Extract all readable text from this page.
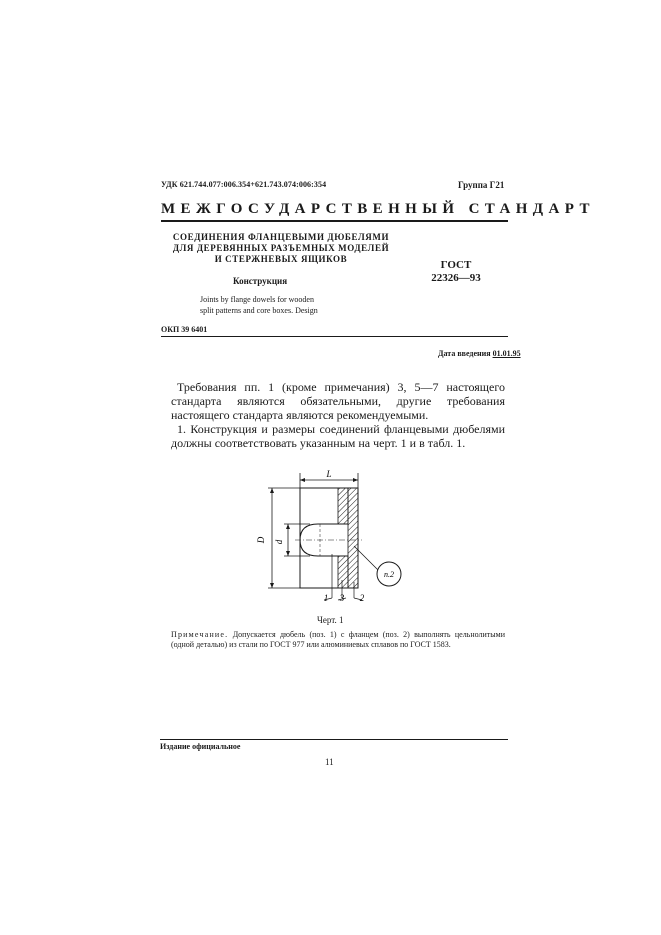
УДК 621.744.077:006.354+621.743.074:006:354	Группа Г21
МЕЖГОСУДАРСТВЕННЫЙ СТАНДАРТ
СОЕДИНЕНИЯ ФЛАНЦЕВЫМИ ДЮБЕЛЯМИ
ДЛЯ ДЕРЕВЯННЫХ РАЗЪЕМНЫХ МОДЕЛЕЙ
И СТЕРЖНЕВЫХ ЯЩИКОВ
Конструкция
ГОСТ
22326—93
Joints by flange dowels for wooden
split patterns and core boxes. Design
ОКП 39 6401
Дата введения 01.01.95
Требования пп. 1 (кроме примечания) 3, 5—7 настоящего стандарта являются обязательными, другие требования настоящего стандарта являются рекомендуемыми.
1. Конструкция и размеры соединений фланцевыми дюбелями должны соответствовать указанным на черт. 1 и в табл. 1.
L
D d
п.2
1 3 2
Черт. 1
Примечание. Допускается дюбель (поз. 1) с фланцем (поз. 2) выполнять цельнолитыми (одной деталью) из стали по ГОСТ 977 или алюминиевых сплавов по ГОСТ 1583.
Издание официальное
11
